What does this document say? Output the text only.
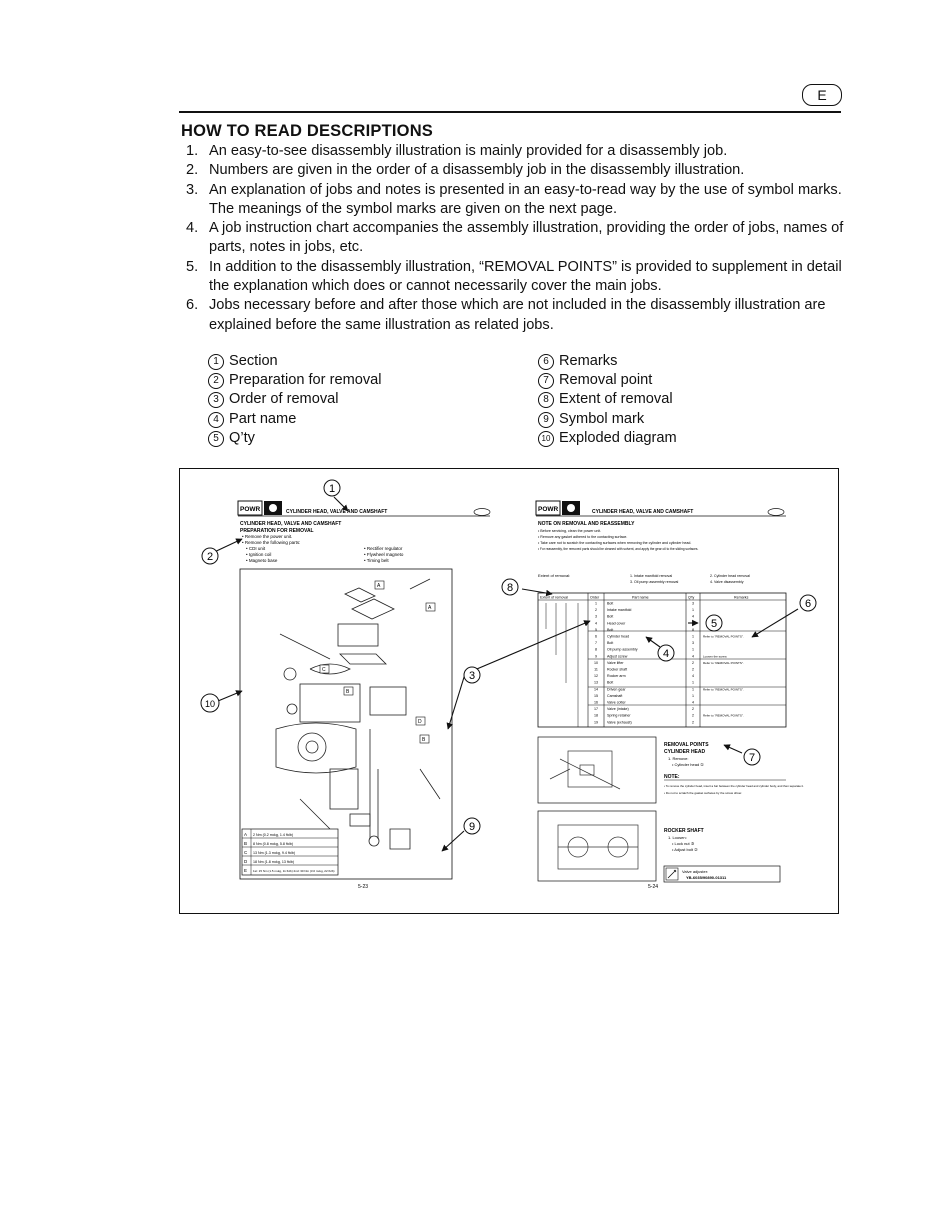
E
HOW TO READ DESCRIPTIONS
1. An easy-to-see disassembly illustration is mainly provided for a disassembly job.
2. Numbers are given in the order of a disassembly job in the disassembly illustration.
3. An explanation of jobs and notes is presented in an easy-to-read way by the use of symbol marks. The meanings of the symbol marks are given on the next page.
4. A job instruction chart accompanies the assembly illustration, providing the order of jobs, names of parts, notes in jobs, etc.
5. In addition to the disassembly illustration, “REMOVAL POINTS” is provided to supplement in detail the explanation which does or cannot necessarily cover the main jobs.
6. Jobs necessary before and after those which are not included in the disassembly illustration are explained before the same illustration as related jobs.
1 Section
2 Preparation for removal
3 Order of removal
4 Part name
5 Q’ty
6 Remarks
7 Removal point
8 Extent of removal
9 Symbol mark
10 Exploded diagram
POWR	CYLINDER HEAD, VALVE AND CAMSHAFT
CYLINDER HEAD, VALVE AND CAMSHAFT
PREPARATION FOR REMOVAL
• Remove the power unit.
• Remove the following parts:
• CDI unit
• Ignition coil
• Magneto base
• Rectifier regulator
• Flywheel magneto
• Timing belt
A
A
C
B
D
B
A 2 Nm (0.2 m•kg, 1.4 ft•lb)
B 8 Nm (0.8 m•kg, 5.8 ft•lb)
C 13 Nm (1.3 m•kg, 9.4 ft•lb)
D 18 Nm (1.8 m•kg, 13 ft•lb)
E 1st: 15 Nm (1.5 m•kg, 11 ft•lb) 2nd: 30 Nm (3.0 m•kg, 22 ft•lb)
5-23
POWR	CYLINDER HEAD, VALVE AND CAMSHAFT
NOTE ON REMOVAL AND REASSEMBLY
• Before servicing, clean the power unit.
• Remove any gasket adhered to the contacting surface.
• Take care not to scratch the contacting surfaces when removing the cylinder and cylinder head.
• For reassembly, the removed parts should be cleaned with solvent, and apply the gear oil to the sliding surfaces.
Extent of removal:	1. Intake manifold removal	2. Cylinder head removal
3. Oil pump assembly removal	4. Valve disassembly
Extent of removal	Order	Part name	Q'ty	Remarks
1	Bolt	3
2	Intake manifold	1
3	Bolt	4
4	Head cover	1
5	Bolt	8
6	Cylinder head	1	Refer to “REMOVAL POINTS”.
7	Bolt	3
8	Oil pump assembly	1
9	Adjust screw	4	Loosen the screw.
10	Valve lifter	2	Refer to “REMOVAL POINTS”.
11	Rocker shaft	2
12	Rocker arm	4
13	Bolt	1
14	Driven gear	1	Refer to “REMOVAL POINTS”.
15	Camshaft	1
16	Valve cotter	4
17	Valve (intake)	2
18	Spring retainer	2	Refer to “REMOVAL POINTS”.
19	Valve (exhaust)	2
REMOVAL POINTS
CYLINDER HEAD
1. Remove:
• Cylinder head ①
NOTE:
• To remove the cylinder head, insert a bar between the cylinder head and cylinder body, and then separate it.
• Do not to scratch the gasket surfaces by the screw driver.
ROCKER SHAFT
1. Loosen:
• Lock nut ③
• Adjust bolt ②
Valve adjuster:
YB-6035/90890-01311
5-24
1
2
3
4
5
6
7
8
9
10
